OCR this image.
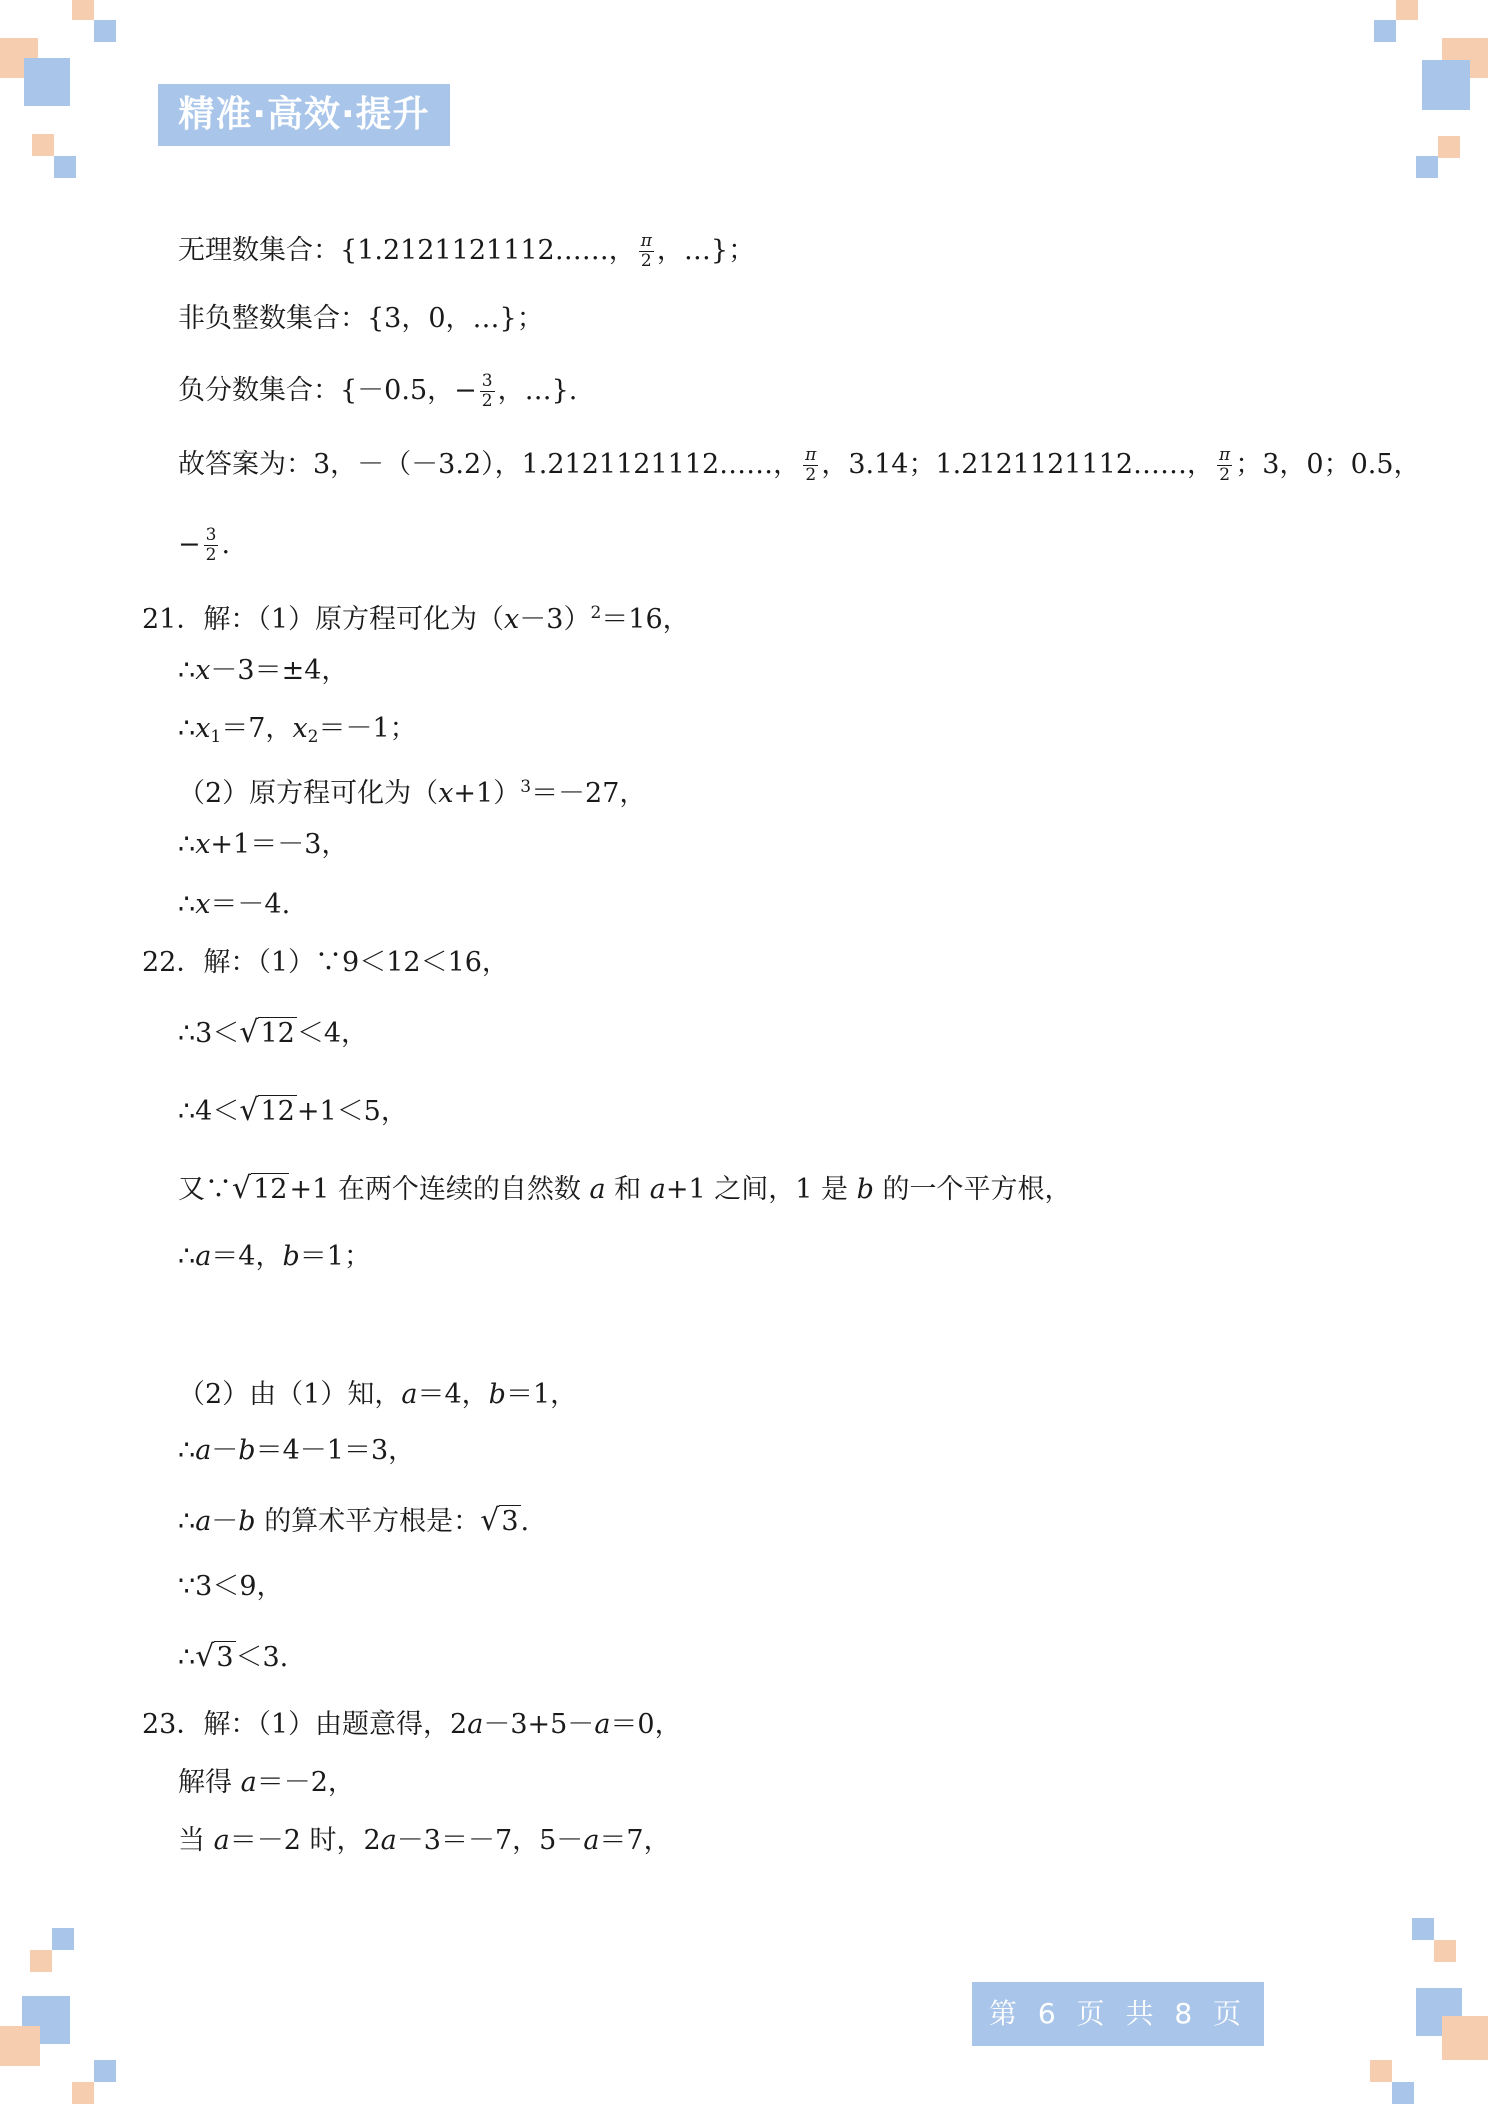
精准·高效·提升
无理数集合：{1.2121121112……， $\frac{\pi}{2}$ ，…}；
非负整数集合：{3，0，…}；
负分数集合：{－0.5，− $\frac{3}{2}$ ，…}.
故答案为：3，－（－3.2），1.2121121112……， $\frac{\pi}{2}$ ，3.14；1.2121121112……， $\frac{\pi}{2}$ ；3，0；0.5，
− $\frac{3}{2}$ .
21．解：（1）原方程可化为$(x-3)^2=16$，
∴x－3＝±4，
$\therefore x_1=7$，$x_2=-1$；
（2）原方程可化为$(x+1)^3=-27$，
∴x+1＝－3，
∴x＝－4.
22．解：（1）∵9＜12＜16，
∴3＜√12＜4，
∴4＜√12+1＜5，
又∵√12+1 在两个连续的自然数 a 和 a+1 之间，1 是 b 的一个平方根，
∴a＝4，b＝1；
（2）由（1）知，a＝4，b＝1，
∴a－b＝4－1＝3，
∴a－b 的算术平方根是：√3.
∵3＜9，
∴√3＜3.
23．解：（1）由题意得，2a－3+5－a＝0，
解得 a＝－2，
当 a＝－2 时，2a－3＝－7，5－a＝7，
第 6 页 共 8 页
